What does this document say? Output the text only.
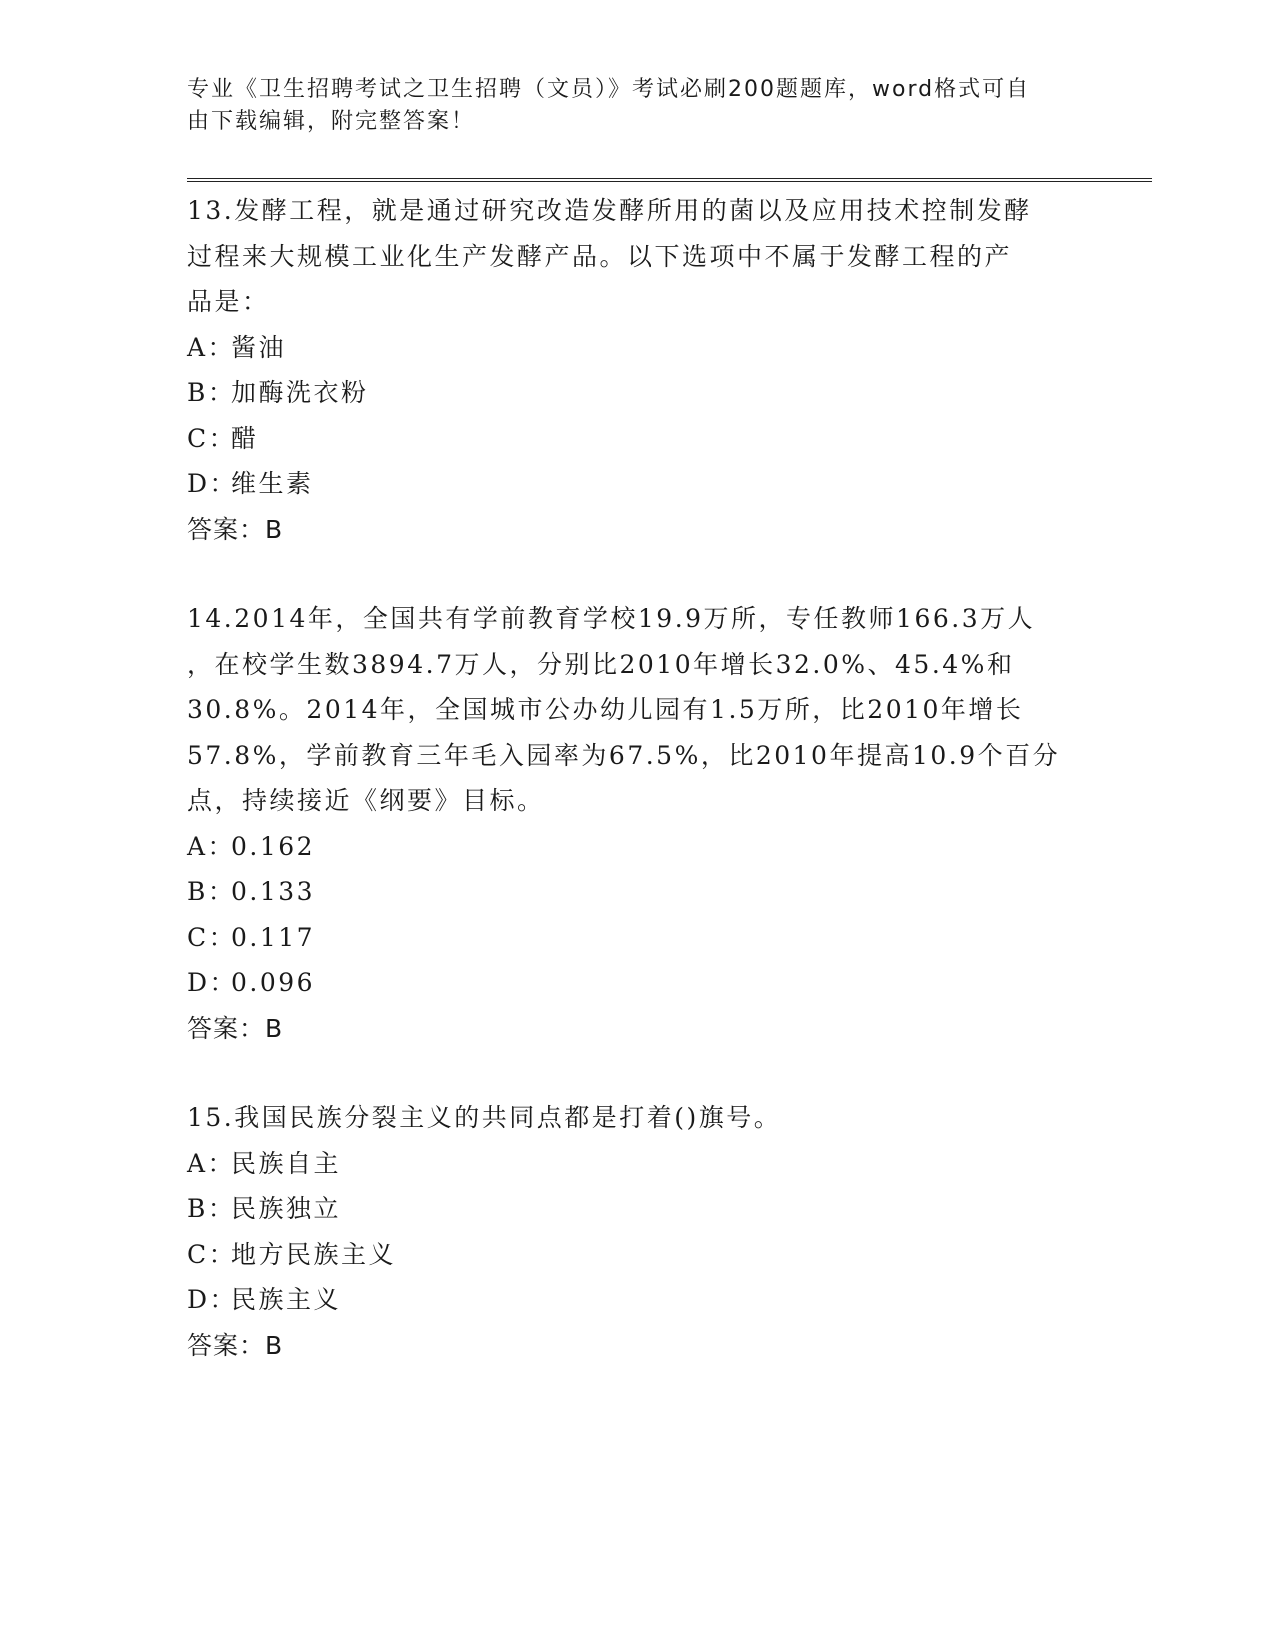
专业《卫生招聘考试之卫生招聘（文员）》考试必刷200题题库，word格式可自
由下载编辑，附完整答案！

13.发酵工程，就是通过研究改造发酵所用的菌以及应用技术控制发酵

过程来大规模工业化生产发酵产品。以下选项中不属于发酵工程的产

品是：

A：酱油

B：加酶洗衣粉

C：醋

D：维生素

答案：B

14.2014年，全国共有学前教育学校19.9万所，专任教师166.3万人

，在校学生数3894.7万人，分别比2010年增长32.0%、45.4%和

30.8%。2014年，全国城市公办幼儿园有1.5万所，比2010年增长

57.8%，学前教育三年毛入园率为67.5%，比2010年提高10.9个百分

点，持续接近《纲要》目标。

A：0.162

B：0.133

C：0.117

D：0.096

答案：B

15.我国民族分裂主义的共同点都是打着()旗号。

A：民族自主

B：民族独立

C：地方民族主义

D：民族主义

答案：B
